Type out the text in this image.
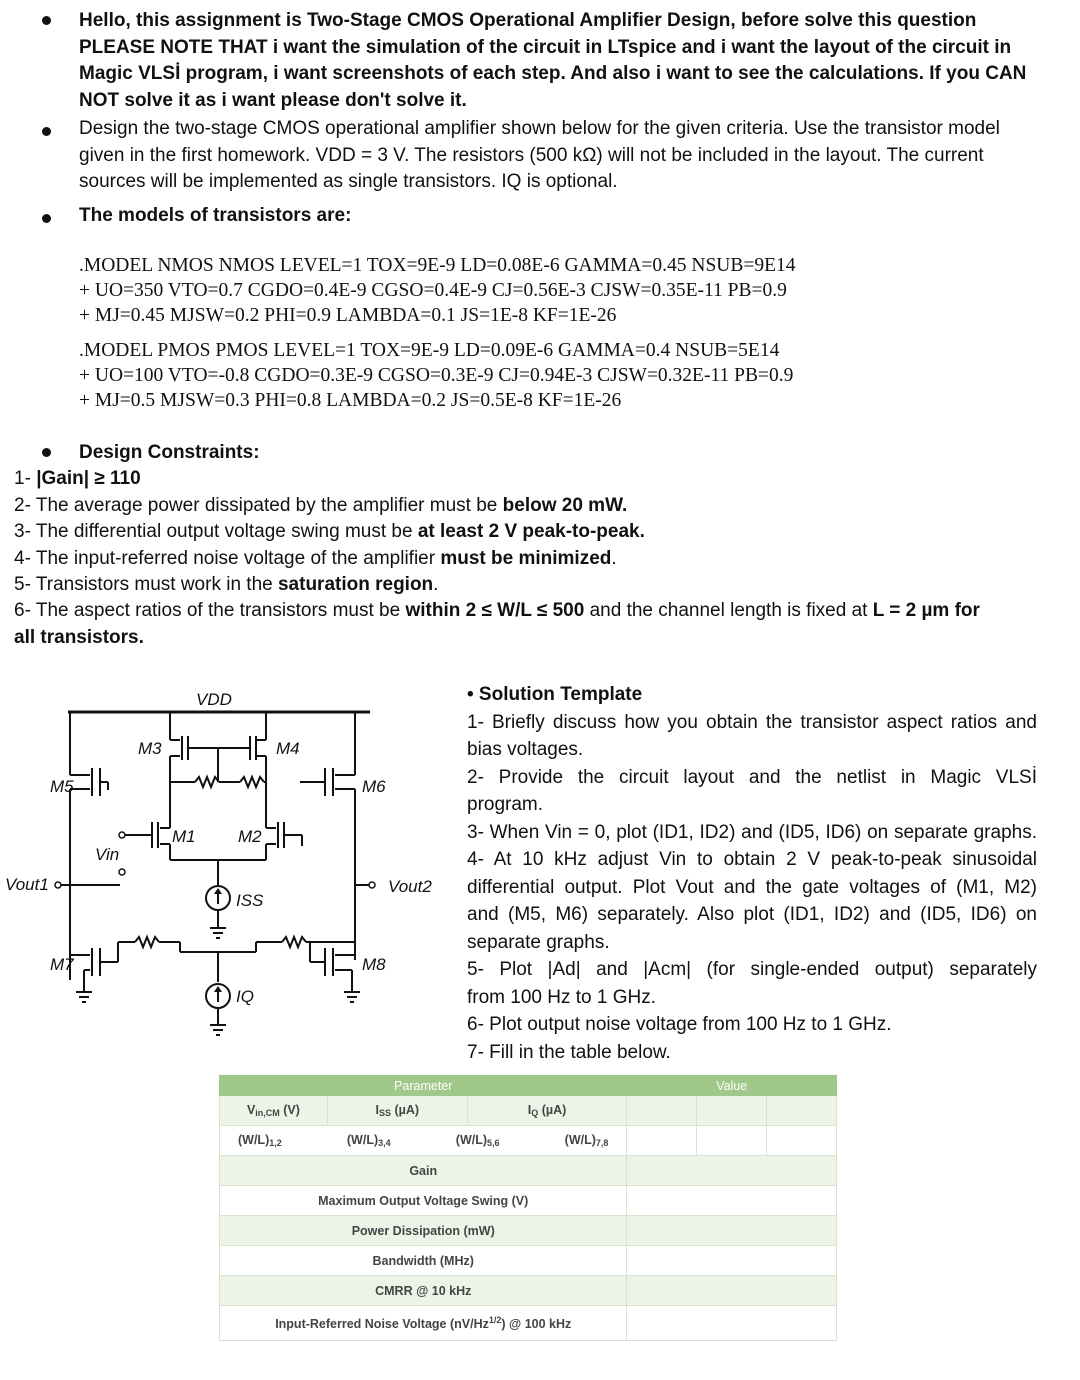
Hello, this assignment is Two-Stage CMOS Operational Amplifier Design, before solve this question PLEASE NOTE THAT i want the simulation of the circuit in LTspice and i want the layout of the circuit in Magic VLSİ program, i want screenshots of each step. And also i want to see the calculations. If you CAN NOT solve it as i want please don't solve it.
Design the two-stage CMOS operational amplifier shown below for the given criteria. Use the transistor model given in the first homework. VDD = 3 V. The resistors (500 kΩ) will not be included in the layout. The current sources will be implemented as single transistors. IQ is optional.
The models of transistors are:
.MODEL NMOS NMOS LEVEL=1 TOX=9E-9 LD=0.08E-6 GAMMA=0.45 NSUB=9E14
+ UO=350 VTO=0.7 CGDO=0.4E-9 CGSO=0.4E-9 CJ=0.56E-3 CJSW=0.35E-11 PB=0.9
+ MJ=0.45 MJSW=0.2 PHI=0.9 LAMBDA=0.1 JS=1E-8 KF=1E-26
.MODEL PMOS PMOS LEVEL=1 TOX=9E-9 LD=0.09E-6 GAMMA=0.4 NSUB=5E14
+ UO=100 VTO=-0.8 CGDO=0.3E-9 CGSO=0.3E-9 CJ=0.94E-3 CJSW=0.32E-11 PB=0.9
+ MJ=0.5 MJSW=0.3 PHI=0.8 LAMBDA=0.2 JS=0.5E-8 KF=1E-26
Design Constraints:
1- |Gain| ≥ 110
2- The average power dissipated by the amplifier must be below 20 mW.
3- The differential output voltage swing must be at least 2 V peak-to-peak.
4- The input-referred noise voltage of the amplifier must be minimized.
5- Transistors must work in the saturation region.
6- The aspect ratios of the transistors must be within 2 ≤ W/L ≤ 500 and the channel length is fixed at L = 2 µm for
all transistors.
VDD
M3	M4
M5	M6
M1 M2
Vin
ISS
Vout1	Vout2
M7	M8
IQ
• Solution Template
1- Briefly discuss how you obtain the transistor aspect ratios and
bias voltages.
2- Provide the circuit layout and the netlist in Magic VLSİ
program.
3- When Vin = 0, plot (ID1, ID2) and (ID5, ID6) on separate graphs.
4- At 10 kHz adjust Vin to obtain 2 V peak-to-peak sinusoidal
differential output. Plot Vout and the gate voltages of (M1, M2)
and (M5, M6) separately. Also plot (ID1, ID2) and (ID5, ID6) on
separate graphs.
5- Plot |Ad| and |Acm| (for single-ended output) separately
from 100 Hz to 1 GHz.
6- Plot output noise voltage from 100 Hz to 1 GHz.
7- Fill in the table below.
Parameter			Value		
$V_{in,CM}$ (V)	$I_{SS}$ (µA)	$I_Q$ (µA)			

$(W/L)_{1,2}$ $(W/L)_{3,4}$ $(W/L)_{5,6}$ $(W/L)_{7,8}$

Gain					
Maximum Output Voltage Swing (V)					
Power Dissipation (mW)					
Bandwidth (MHz)					
CMRR @ 10 kHz					
Input-Referred Noise Voltage $(nV/Hz^{1/2})$ @ 100 kHz					
